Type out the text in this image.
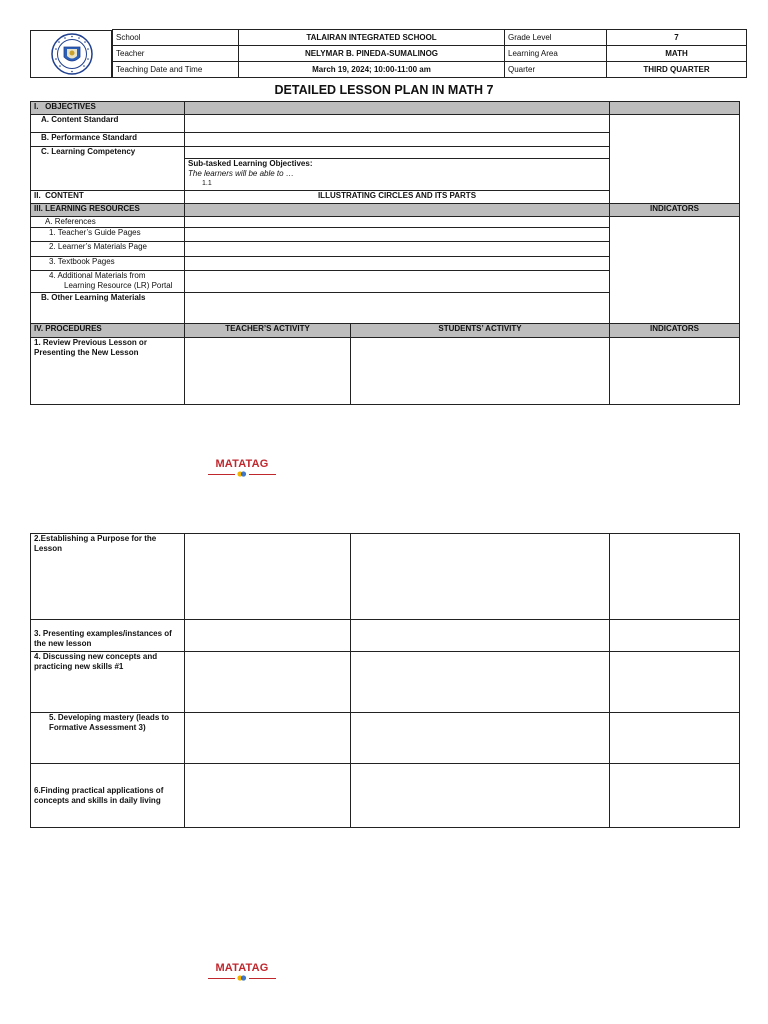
School	TALAIRAN INTEGRATED SCHOOL	Grade Level	7
Teacher	NELYMAR B. PINEDA-SUMALINOG	Learning Area	MATH
Teaching Date and Time	March 19, 2024; 10:00-11:00 am	Quarter	THIRD QUARTER
DETAILED LESSON PLAN IN MATH 7
I. OBJECTIVES			
A. Content Standard			
B. Performance Standard			
C. Learning Competency			

	Sub-tasked Learning Objectives:
The learners will be able to …
1.1		

II. CONTENT	ILLUSTRATING CIRCLES AND ITS PARTS		
III. LEARNING RESOURCES			INDICATORS
A. References			
1. Teacher’s Guide Pages			
2. Learner’s Materials Page			
3. Textbook Pages			

4. Additional Materials from
Learning Resource (LR) Portal			

B. Other Learning Materials			
IV. PROCEDURES	TEACHER’S ACTIVITY	STUDENTS’ ACTIVITY	INDICATORS
1. Review Previous Lesson or Presenting the New Lesson			
MATATAG
2.Establishing a Purpose for the Lesson			
3. Presenting examples/instances of the new lesson			
4. Discussing new concepts and practicing new skills #1			
5. Developing mastery (leads to Formative Assessment 3)			
6.Finding practical applications of concepts and skills in daily living			
MATATAG
